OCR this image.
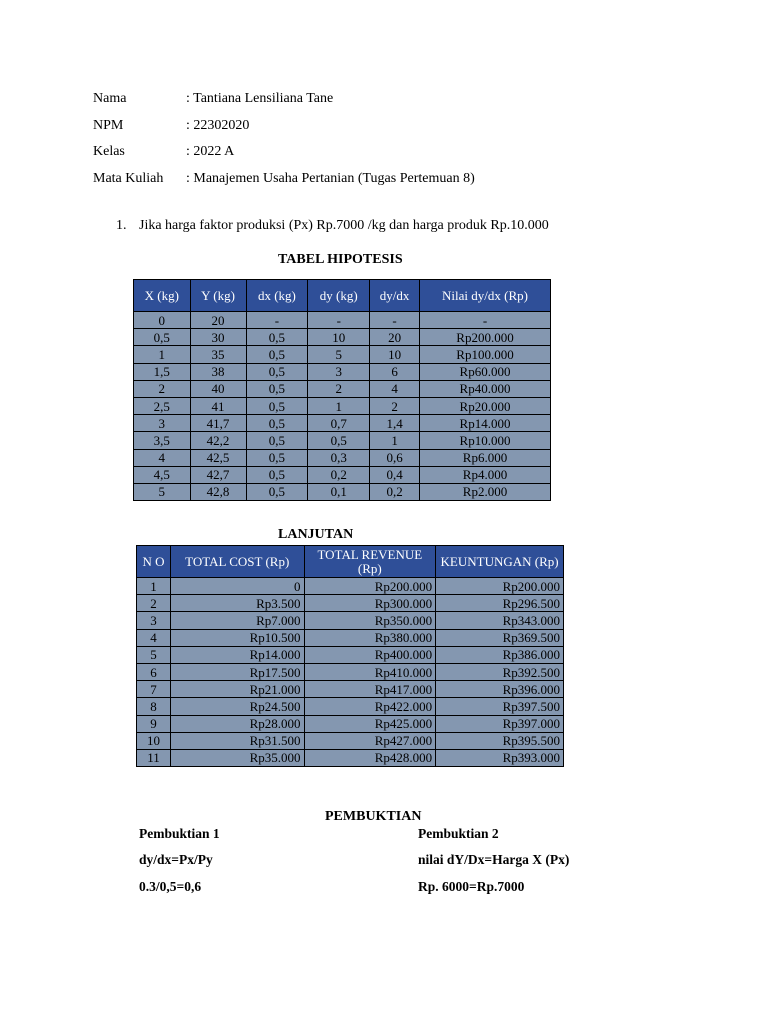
Nama	: Tantiana Lensiliana Tane
NPM	: 22302020
Kelas	: 2022 A
Mata Kuliah	: Manajemen Usaha Pertanian (Tugas Pertemuan 8)
1. Jika harga faktor produksi (Px) Rp.7000 /kg dan harga produk Rp.10.000
TABEL HIPOTESIS
X (kg)	Y (kg)	dx (kg)	dy (kg)	dy/dx	Nilai dy/dx (Rp)
0	20	-	-	-	-
0,5	30	0,5	10	20	Rp200.000
1	35	0,5	5	10	Rp100.000
1,5	38	0,5	3	6	Rp60.000
2	40	0,5	2	4	Rp40.000
2,5	41	0,5	1	2	Rp20.000
3	41,7	0,5	0,7	1,4	Rp14.000
3,5	42,2	0,5	0,5	1	Rp10.000
4	42,5	0,5	0,3	0,6	Rp6.000
4,5	42,7	0,5	0,2	0,4	Rp4.000
5	42,8	0,5	0,1	0,2	Rp2.000
LANJUTAN
N O	TOTAL COST (Rp)	TOTAL REVENUE (Rp)	KEUNTUNGAN (Rp)
1	0	Rp200.000	Rp200.000
2	Rp3.500	Rp300.000	Rp296.500
3	Rp7.000	Rp350.000	Rp343.000
4	Rp10.500	Rp380.000	Rp369.500
5	Rp14.000	Rp400.000	Rp386.000
6	Rp17.500	Rp410.000	Rp392.500
7	Rp21.000	Rp417.000	Rp396.000
8	Rp24.500	Rp422.000	Rp397.500
9	Rp28.000	Rp425.000	Rp397.000
10	Rp31.500	Rp427.000	Rp395.500
11	Rp35.000	Rp428.000	Rp393.000
PEMBUKTIAN
Pembuktian 1
dy/dx=Px/Py
0.3/0,5=0,6
Pembuktian 2
nilai dY/Dx=Harga X (Px)
Rp. 6000=Rp.7000
